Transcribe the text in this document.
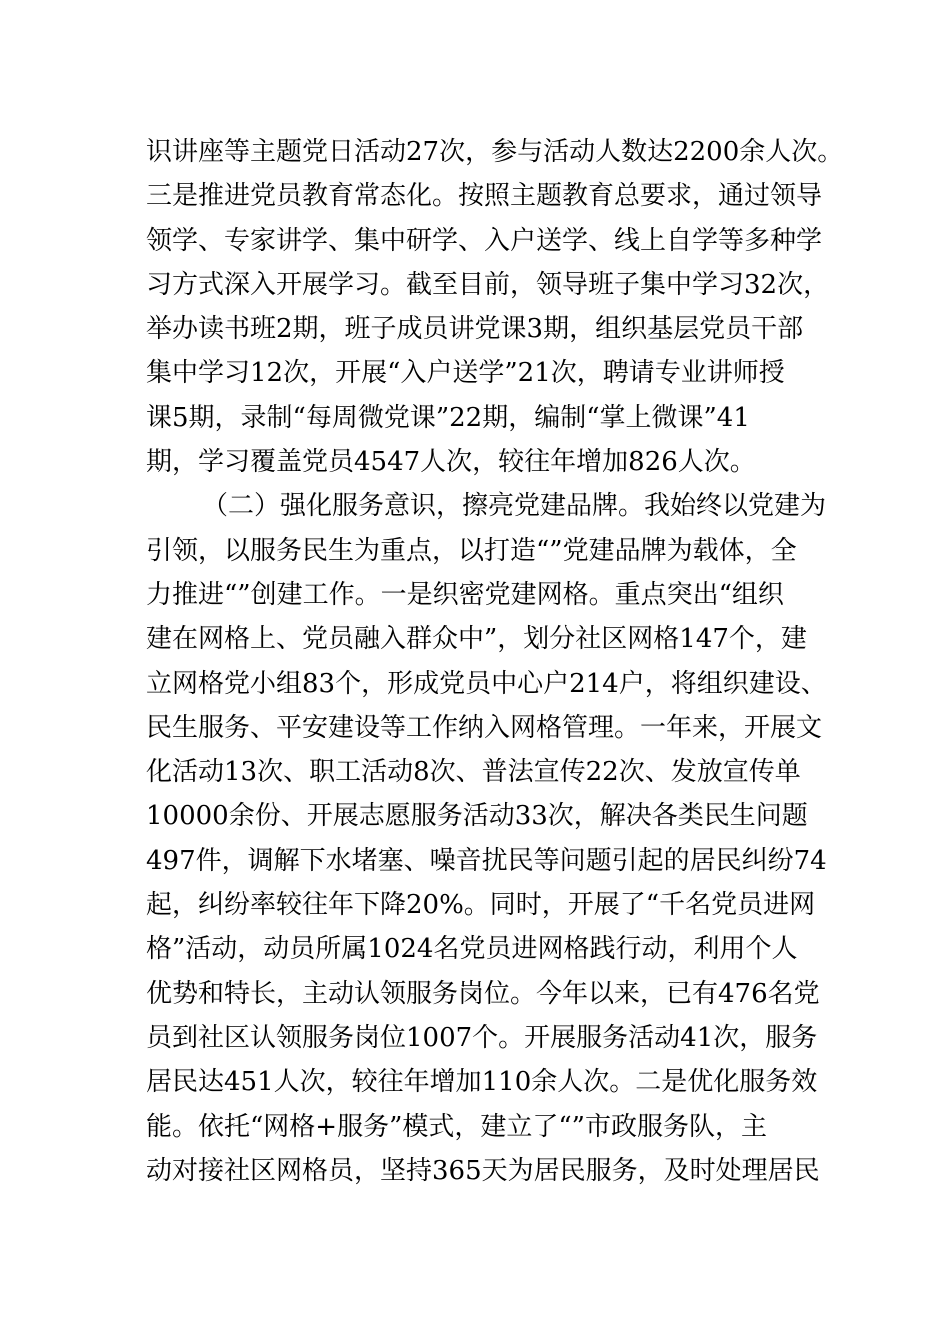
识讲座等主题党日活动27次，参与活动人数达2200余人次。
三是推进党员教育常态化。按照主题教育总要求，通过领导
领学、专家讲学、集中研学、入户送学、线上自学等多种学
习方式深入开展学习。截至目前，领导班子集中学习32次，
举办读书班2期，班子成员讲党课3期，组织基层党员干部
集中学习12次，开展“入户送学”21次，聘请专业讲师授
课5期，录制“每周微党课”22期，编制“掌上微课”41
期，学习覆盖党员4547人次，较往年增加826人次。
（二）强化服务意识，擦亮党建品牌。我始终以党建为
引领，以服务民生为重点，以打造“”党建品牌为载体，全
力推进“”创建工作。一是织密党建网格。重点突出“组织
建在网格上、党员融入群众中”，划分社区网格147个，建
立网格党小组83个，形成党员中心户214户，将组织建设、
民生服务、平安建设等工作纳入网格管理。一年来，开展文
化活动13次、职工活动8次、普法宣传22次、发放宣传单
10000余份、开展志愿服务活动33次，解决各类民生问题
497件，调解下水堵塞、噪音扰民等问题引起的居民纠纷74
起，纠纷率较往年下降20%。同时，开展了“千名党员进网
格”活动，动员所属1024名党员进网格践行动，利用个人
优势和特长，主动认领服务岗位。今年以来，已有476名党
员到社区认领服务岗位1007个。开展服务活动41次，服务
居民达451人次，较往年增加110余人次。二是优化服务效
能。依托“网格+服务”模式，建立了“”市政服务队，主
动对接社区网格员，坚持365天为居民服务，及时处理居民
